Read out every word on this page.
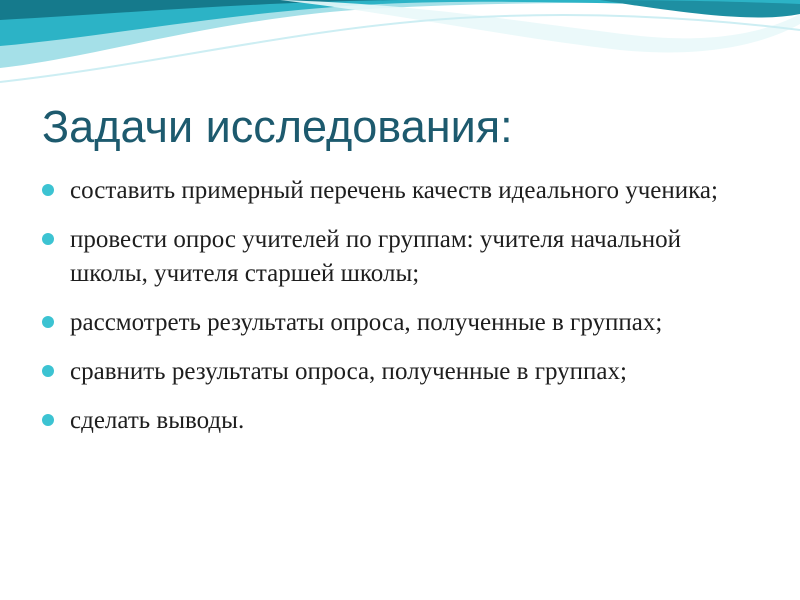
Задачи исследования:
составить примерный перечень качеств идеального ученика;
провести опрос учителей по группам: учителя начальной школы, учителя старшей школы;
рассмотреть результаты опроса, полученные в группах;
сравнить результаты опроса, полученные в группах;
сделать выводы.
